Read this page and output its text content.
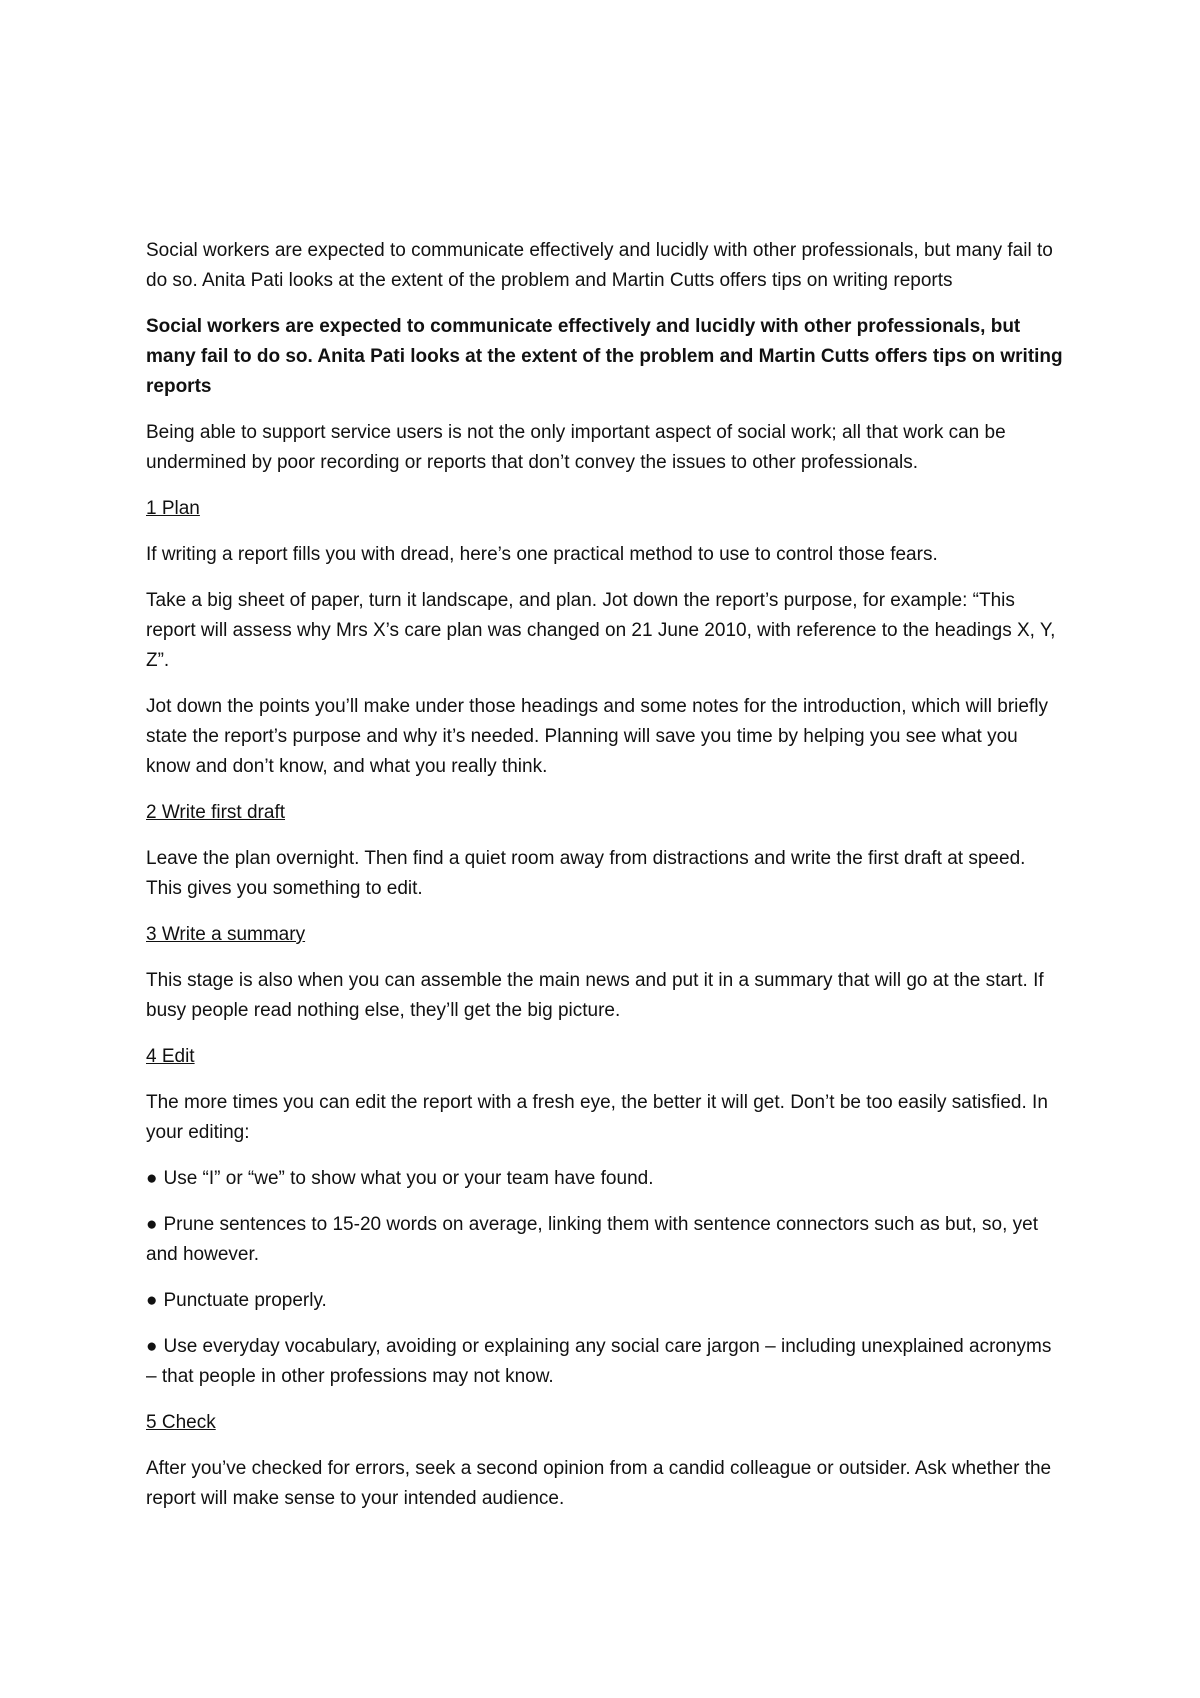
Social workers are expected to communicate effectively and lucidly with other professionals, but many fail to do so. Anita Pati looks at the extent of the problem and Martin Cutts offers tips on writing reports

Social workers are expected to communicate effectively and lucidly with other professionals, but many fail to do so. Anita Pati looks at the extent of the problem and Martin Cutts offers tips on writing reports

Being able to support service users is not the only important aspect of social work; all that work can be undermined by poor recording or reports that don’t convey the issues to other professionals.

1 Plan

If writing a report fills you with dread, here’s one practical method to use to control those fears.

Take a big sheet of paper, turn it landscape, and plan. Jot down the report’s purpose, for example: “This report will assess why Mrs X’s care plan was changed on 21 June 2010, with reference to the headings X, Y, Z”.

Jot down the points you’ll make under those headings and some notes for the introduction, which will briefly state the report’s purpose and why it’s needed. Planning will save you time by helping you see what you know and don’t know, and what you really think.

2 Write first draft

Leave the plan overnight. Then find a quiet room away from distractions and write the first draft at speed. This gives you something to edit.

3 Write a summary

This stage is also when you can assemble the main news and put it in a summary that will go at the start. If busy people read nothing else, they’ll get the big picture.

4 Edit

The more times you can edit the report with a fresh eye, the better it will get. Don’t be too easily satisfied. In your editing:

● Use “I” or “we” to show what you or your team have found.

● Prune sentences to 15-20 words on average, linking them with sentence connectors such as but, so, yet and however.

● Punctuate properly.

● Use everyday vocabulary, avoiding or explaining any social care jargon – including unexplained acronyms – that people in other professions may not know.

5 Check

After you’ve checked for errors, seek a second opinion from a candid colleague or outsider. Ask whether the report will make sense to your intended audience.
